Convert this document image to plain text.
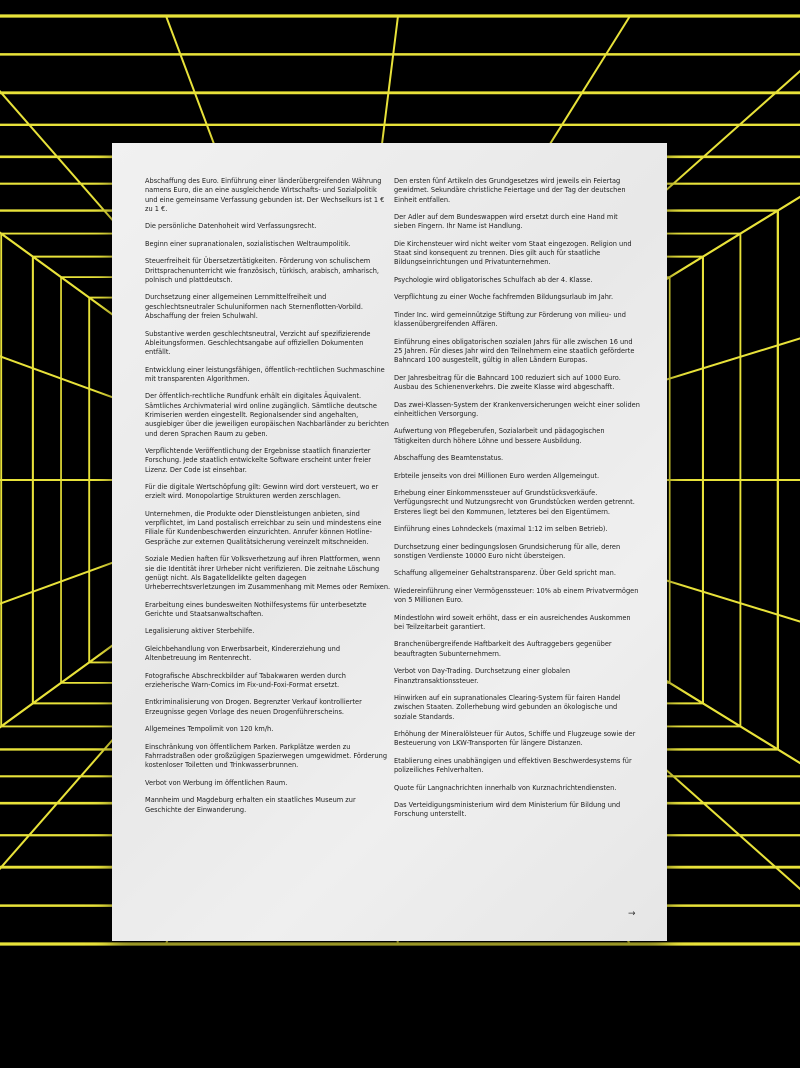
Abschaffung des Euro. Einführung einer länderübergreifenden Währung namens Euro, die an eine ausgleichende Wirtschafts- und Sozialpolitik und eine gemeinsame Verfassung gebunden ist. Der Wechselkurs ist 1 € zu 1 €.

Die persönliche Datenhoheit wird Verfassungsrecht.

Beginn einer supranationalen, sozialistischen Weltraumpolitik.

Steuerfreiheit für Übersetzertätigkeiten. Förderung von schulischem Drittsprachenunterricht wie französisch, türkisch, arabisch, amharisch, polnisch und plattdeutsch.

Durchsetzung einer allgemeinen Lernmittelfreiheit und geschlechtsneutraler Schuluniformen nach Sternenflotten-Vorbild. Abschaffung der freien Schulwahl.

Substantive werden geschlechtsneutral, Verzicht auf spezifizierende Ableitungsformen. Geschlechtsangabe auf offiziellen Dokumenten entfällt.

Entwicklung einer leistungsfähigen, öffentlich-rechtlichen Suchmaschine mit transparenten Algorithmen.

Der öffentlich-rechtliche Rundfunk erhält ein digitales Äquivalent. Sämtliches Archivmaterial wird online zugänglich. Sämtliche deutsche Krimiserien werden eingestellt. Regionalsender sind angehalten, ausgiebiger über die jeweiligen europäischen Nachbarländer zu berichten und deren Sprachen Raum zu geben.

Verpflichtende Veröffentlichung der Ergebnisse staatlich finanzierter Forschung. Jede staatlich entwickelte Software erscheint unter freier Lizenz. Der Code ist einsehbar.

Für die digitale Wertschöpfung gilt: Gewinn wird dort versteuert, wo er erzielt wird. Monopolartige Strukturen werden zerschlagen.

Unternehmen, die Produkte oder Dienstleistungen anbieten, sind verpflichtet, im Land postalisch erreichbar zu sein und mindestens eine Filiale für Kundenbeschwerden einzurichten. Anrufer können Hotline-Gespräche zur externen Qualitätsicherung vereinzelt mitschneiden.

Soziale Medien haften für Volksverhetzung auf ihren Plattformen, wenn sie die Identität ihrer Urheber nicht verifizieren. Die zeitnahe Löschung genügt nicht. Als Bagatelldelikte gelten dagegen Urheberrechtsverletzungen im Zusammenhang mit Memes oder Remixen.

Erarbeitung eines bundesweiten Nothilfesystems für unterbesetzte Gerichte und Staatsanwaltschaften.

Legalisierung aktiver Sterbehilfe.

Gleichbehandlung von Erwerbsarbeit, Kindererziehung und Altenbetreuung im Rentenrecht.

Fotografische Abschreckbilder auf Tabakwaren werden durch erzieherische Warn-Comics im Fix-und-Foxi-Format ersetzt.

Entkriminalisierung von Drogen. Begrenzter Verkauf kontrollierter Erzeugnisse gegen Vorlage des neuen Drogenführerscheins.

Allgemeines Tempolimit von 120 km/h.

Einschränkung von öffentlichem Parken. Parkplätze werden zu Fahrradstraßen oder großzügigen Spazierwegen umgewidmet. Förderung kostenloser Toiletten und Trinkwasserbrunnen.

Verbot von Werbung im öffentlichen Raum.

Mannheim und Magdeburg erhalten ein staatliches Museum zur Geschichte der Einwanderung.

Den ersten fünf Artikeln des Grundgesetzes wird jeweils ein Feiertag gewidmet. Sekundäre christliche Feiertage und der Tag der deutschen Einheit entfallen.

Der Adler auf dem Bundeswappen wird ersetzt durch eine Hand mit sieben Fingern. Ihr Name ist Handlung.

Die Kirchensteuer wird nicht weiter vom Staat eingezogen. Religion und Staat sind konsequent zu trennen. Dies gilt auch für staatliche Bildungseinrichtungen und Privatunternehmen.

Psychologie wird obligatorisches Schulfach ab der 4. Klasse.

Verpflichtung zu einer Woche fachfremden Bildungsurlaub im Jahr.

Tinder Inc. wird gemeinnützige Stiftung zur Förderung von milieu- und klassenübergreifenden Affären.

Einführung eines obligatorischen sozialen Jahrs für alle zwischen 16 und 25 Jahren. Für dieses Jahr wird den Teilnehmern eine staatlich geförderte Bahncard 100 ausgestellt, gültig in allen Ländern Europas.

Der Jahresbeitrag für die Bahncard 100 reduziert sich auf 1000 Euro. Ausbau des Schienenverkehrs. Die zweite Klasse wird abgeschafft.

Das zwei-Klassen-System der Krankenversicherungen weicht einer soliden einheitlichen Versorgung.

Aufwertung von Pflegeberufen, Sozialarbeit und pädagogischen Tätigkeiten durch höhere Löhne und bessere Ausbildung.

Abschaffung des Beamtenstatus.

Erbteile jenseits von drei Millionen Euro werden Allgemeingut.

Erhebung einer Einkommenssteuer auf Grundstücksverkäufe. Verfügungsrecht und Nutzungsrecht von Grundstücken werden getrennt. Ersteres liegt bei den Kommunen, letzteres bei den Eigentümern.

Einführung eines Lohndeckels (maximal 1:12 im selben Betrieb).

Durchsetzung einer bedingungslosen Grundsicherung für alle, deren sonstigen Verdienste 10000 Euro nicht übersteigen.

Schaffung allgemeiner Gehaltstransparenz. Über Geld spricht man.

Wiedereinführung einer Vermögenssteuer: 10% ab einem Privatvermögen von 5 Millionen Euro.

Mindestlohn wird soweit erhöht, dass er ein ausreichendes Auskommen bei Teilzeitarbeit garantiert.

Branchenübergreifende Haftbarkeit des Auftraggebers gegenüber beauftragten Subunternehmern.

Verbot von Day-Trading. Durchsetzung einer globalen Finanztransaktionssteuer.

Hinwirken auf ein supranationales Clearing-System für fairen Handel zwischen Staaten. Zollerhebung wird gebunden an ökologische und soziale Standards.

Erhöhung der Mineralölsteuer für Autos, Schiffe und Flugzeuge sowie der Besteuerung von LKW-Transporten für längere Distanzen.

Etablierung eines unabhängigen und effektiven Beschwerdesystems für polizeiliches Fehlverhalten.

Quote für Langnachrichten innerhalb von Kurznachrichtendiensten.

Das Verteidigungsministerium wird dem Ministerium für Bildung und Forschung unterstellt.

→
